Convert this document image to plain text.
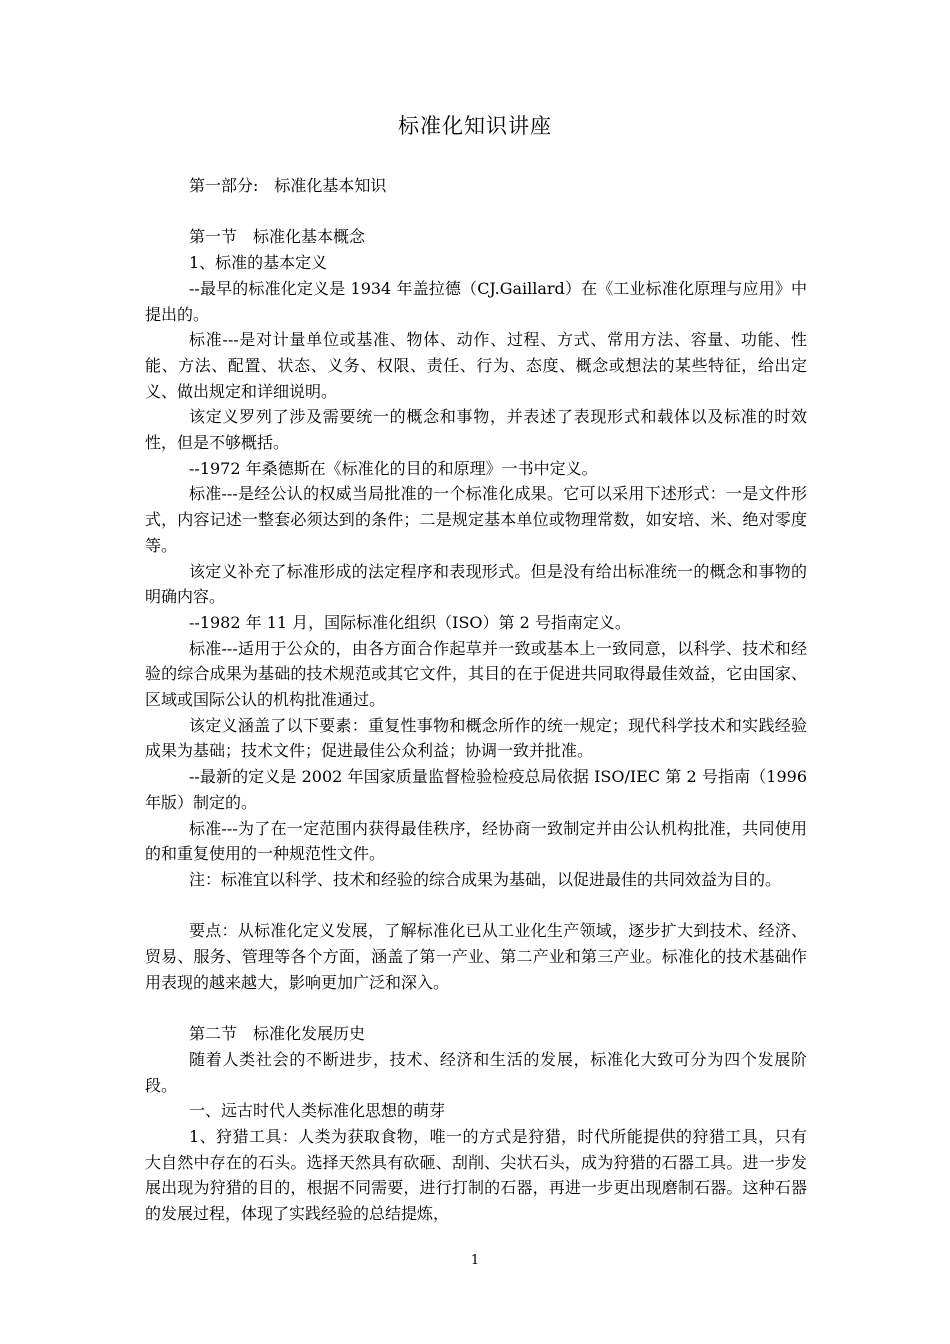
标准化知识讲座

第一部分:　标准化基本知识

第一节　标准化基本概念

1、标准的基本定义

--最早的标准化定义是 1934 年盖拉德（CJ.Gaillard）在《工业标准化原理与应用》中提出的。

标准---是对计量单位或基准、物体、动作、过程、方式、常用方法、容量、功能、性能、方法、配置、状态、义务、权限、责任、行为、态度、概念或想法的某些特征，给出定义、做出规定和详细说明。

该定义罗列了涉及需要统一的概念和事物，并表述了表现形式和载体以及标准的时效性，但是不够概括。

--1972 年桑德斯在《标准化的目的和原理》一书中定义。

标准---是经公认的权威当局批准的一个标准化成果。它可以采用下述形式：一是文件形式，内容记述一整套必须达到的条件；二是规定基本单位或物理常数，如安培、米、绝对零度等。

该定义补充了标准形成的法定程序和表现形式。但是没有给出标准统一的概念和事物的明确内容。

--1982 年 11 月，国际标准化组织（ISO）第 2 号指南定义。

标准---适用于公众的，由各方面合作起草并一致或基本上一致同意，以科学、技术和经验的综合成果为基础的技术规范或其它文件，其目的在于促进共同取得最佳效益，它由国家、区域或国际公认的机构批准通过。

该定义涵盖了以下要素：重复性事物和概念所作的统一规定；现代科学技术和实践经验成果为基础；技术文件；促进最佳公众利益；协调一致并批准。

--最新的定义是 2002 年国家质量监督检验检疫总局依据 ISO/IEC 第 2 号指南（1996 年版）制定的。

标准---为了在一定范围内获得最佳秩序，经协商一致制定并由公认机构批准，共同使用的和重复使用的一种规范性文件。

注：标准宜以科学、技术和经验的综合成果为基础，以促进最佳的共同效益为目的。

要点：从标准化定义发展，了解标准化已从工业化生产领域，逐步扩大到技术、经济、贸易、服务、管理等各个方面，涵盖了第一产业、第二产业和第三产业。标准化的技术基础作用表现的越来越大，影响更加广泛和深入。

第二节　标准化发展历史

随着人类社会的不断进步，技术、经济和生活的发展，标准化大致可分为四个发展阶段。

一、远古时代人类标准化思想的萌芽

1、狩猎工具：人类为获取食物，唯一的方式是狩猎，时代所能提供的狩猎工具，只有大自然中存在的石头。选择天然具有砍砸、刮削、尖状石头，成为狩猎的石器工具。进一步发展出现为狩猎的目的，根据不同需要，进行打制的石器，再进一步更出现磨制石器。这种石器的发展过程，体现了实践经验的总结提炼，

1
